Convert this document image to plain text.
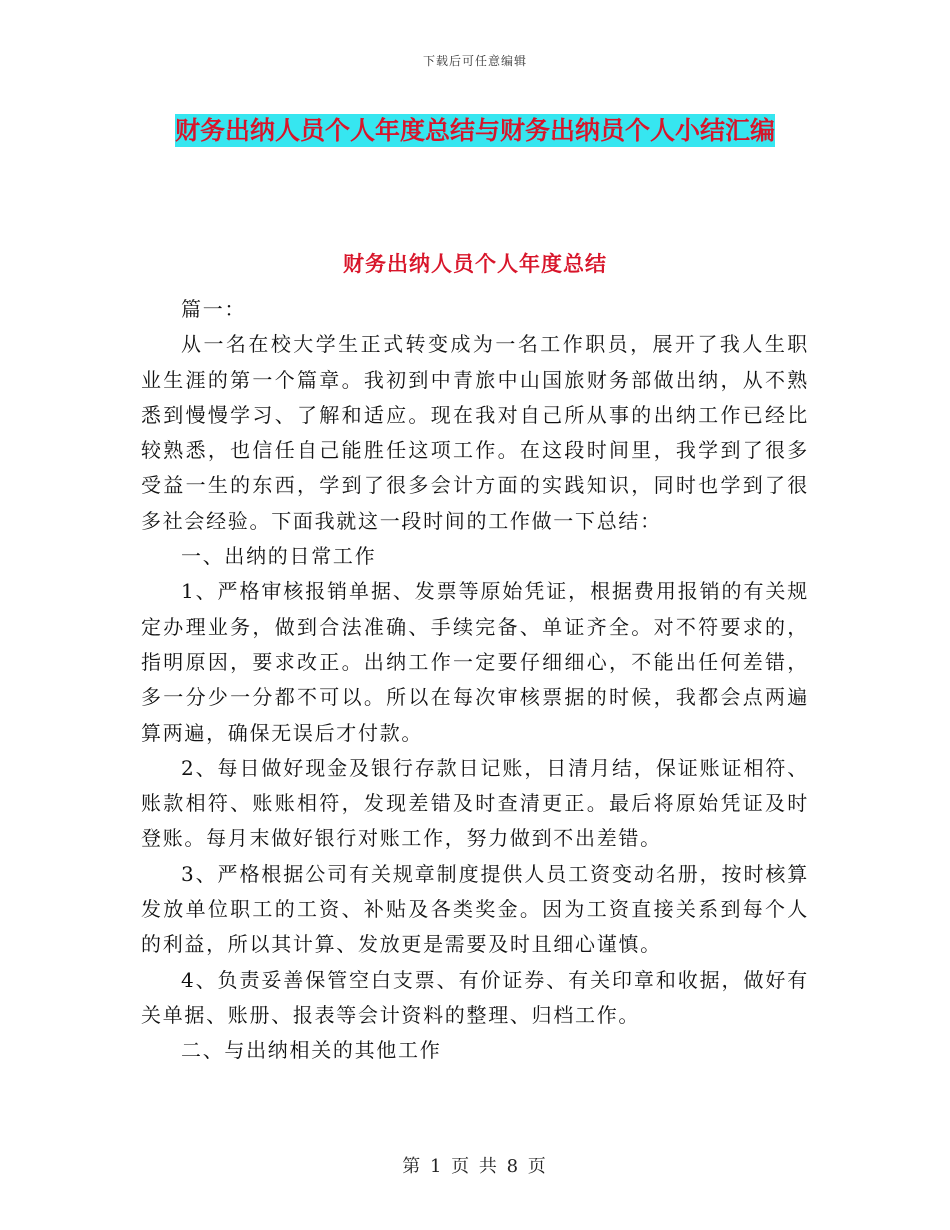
下载后可任意编辑
财务出纳人员个人年度总结与财务出纳员个人小结汇编
财务出纳人员个人年度总结

篇一：

从一名在校大学生正式转变成为一名工作职员，展开了我人生职业生涯的第一个篇章。我初到中青旅中山国旅财务部做出纳，从不熟悉到慢慢学习、了解和适应。现在我对自己所从事的出纳工作已经比较熟悉，也信任自己能胜任这项工作。在这段时间里，我学到了很多受益一生的东西，学到了很多会计方面的实践知识，同时也学到了很多社会经验。下面我就这一段时间的工作做一下总结：

一、出纳的日常工作

1、严格审核报销单据、发票等原始凭证，根据费用报销的有关规定办理业务，做到合法准确、手续完备、单证齐全。对不符要求的，指明原因，要求改正。出纳工作一定要仔细细心，不能出任何差错，多一分少一分都不可以。所以在每次审核票据的时候，我都会点两遍算两遍，确保无误后才付款。

2、每日做好现金及银行存款日记账，日清月结，保证账证相符、账款相符、账账相符，发现差错及时查清更正。最后将原始凭证及时登账。每月末做好银行对账工作，努力做到不出差错。

3、严格根据公司有关规章制度提供人员工资变动名册，按时核算发放单位职工的工资、补贴及各类奖金。因为工资直接关系到每个人的利益，所以其计算、发放更是需要及时且细心谨慎。

4、负责妥善保管空白支票、有价证券、有关印章和收据，做好有关单据、账册、报表等会计资料的整理、归档工作。

二、与出纳相关的其他工作

第 1 页 共 8 页
